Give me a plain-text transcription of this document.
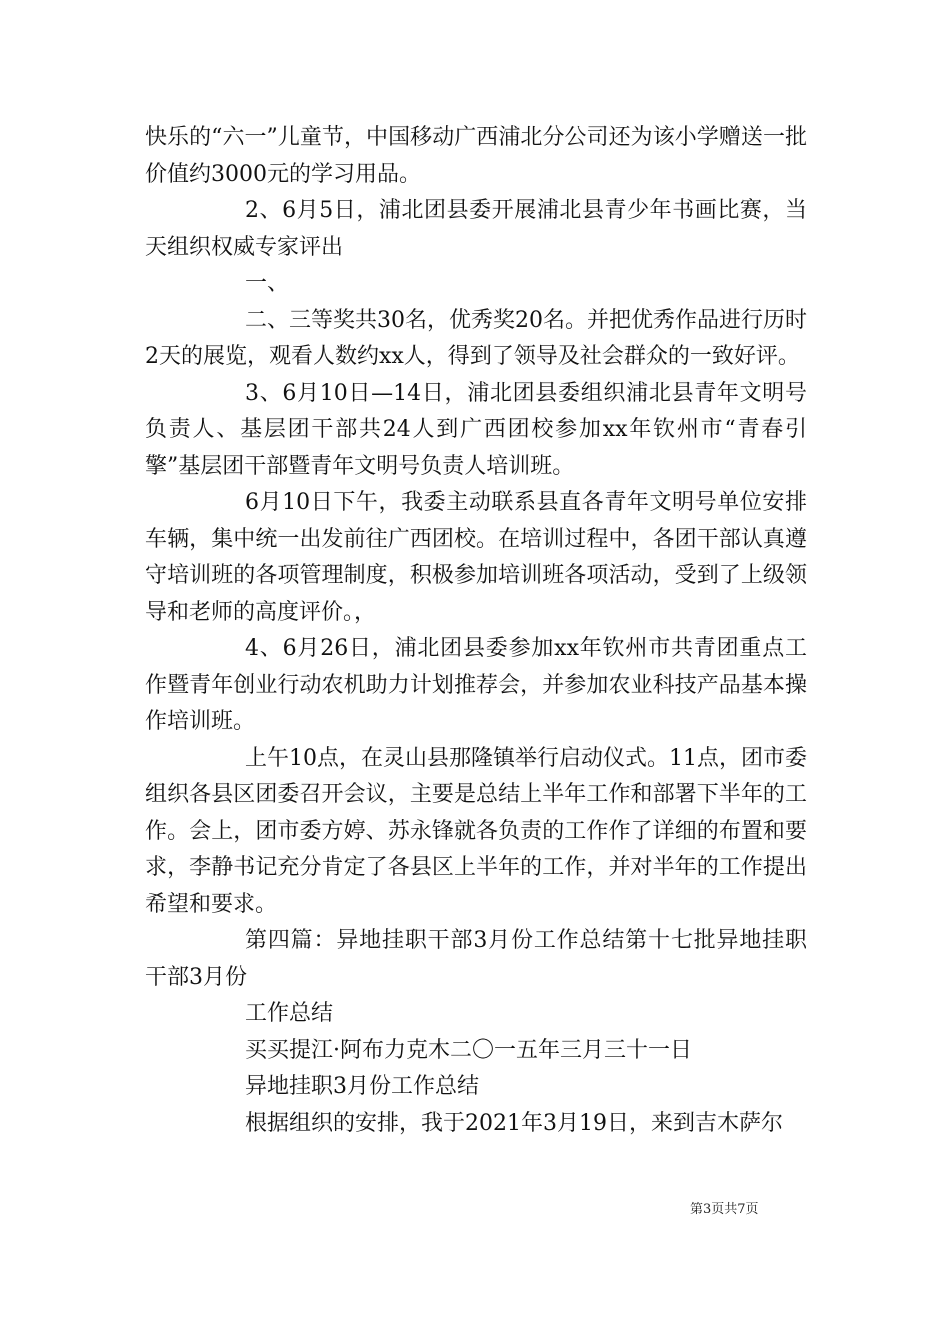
快乐的“六一”儿童节，中国移动广西浦北分公司还为该小学赠送一批价值约3000元的学习用品。

2、6月5日，浦北团县委开展浦北县青少年书画比赛，当天组织权威专家评出

一、

二、三等奖共30名，优秀奖20名。并把优秀作品进行历时2天的展览，观看人数约xx人，得到了领导及社会群众的一致好评。

3、6月10日—14日，浦北团县委组织浦北县青年文明号负责人、基层团干部共24人到广西团校参加xx年钦州市“青春引擎”基层团干部暨青年文明号负责人培训班。

6月10日下午，我委主动联系县直各青年文明号单位安排车辆，集中统一出发前往广西团校。在培训过程中，各团干部认真遵守培训班的各项管理制度，积极参加培训班各项活动，受到了上级领导和老师的高度评价。，

4、6月26日，浦北团县委参加xx年钦州市共青团重点工作暨青年创业行动农机助力计划推荐会，并参加农业科技产品基本操作培训班。

上午10点，在灵山县那隆镇举行启动仪式。11点，团市委组织各县区团委召开会议，主要是总结上半年工作和部署下半年的工作。会上，团市委方婷、苏永锋就各负责的工作作了详细的布置和要求，李静书记充分肯定了各县区上半年的工作，并对半年的工作提出希望和要求。

第四篇：异地挂职干部3月份工作总结第十七批异地挂职干部3月份

工作总结

买买提江·阿布力克木二〇一五年三月三十一日

异地挂职3月份工作总结

根据组织的安排，我于2021年3月19日，来到吉木萨尔

第3页共7页
